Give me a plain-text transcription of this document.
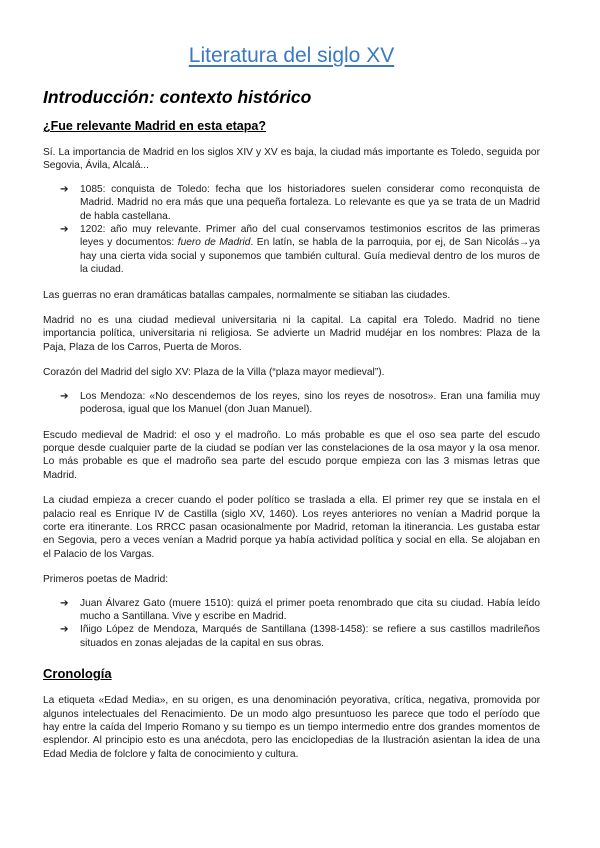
Literatura del siglo XV
Introducción: contexto histórico
¿Fue relevante Madrid en esta etapa?

Sí. La importancia de Madrid en los siglos XIV y XV es baja, la ciudad más importante es Toledo, seguida por Segovia, Ávila, Alcalá...

➔ 1085: conquista de Toledo: fecha que los historiadores suelen considerar como reconquista de Madrid. Madrid no era más que una pequeña fortaleza. Lo relevante es que ya se trata de un Madrid de habla castellana.
➔ 1202: año muy relevante. Primer año del cual conservamos testimonios escritos de las primeras leyes y documentos: fuero de Madrid. En latín, se habla de la parroquia, por ej, de San Nicolás→ya hay una cierta vida social y suponemos que también cultural. Guía medieval dentro de los muros de la ciudad.

Las guerras no eran dramáticas batallas campales, normalmente se sitiaban las ciudades.

Madrid no es una ciudad medieval universitaria ni la capital. La capital era Toledo. Madrid no tiene importancia política, universitaria ni religiosa. Se advierte un Madrid mudéjar en los nombres: Plaza de la Paja, Plaza de los Carros, Puerta de Moros.

Corazón del Madrid del siglo XV: Plaza de la Villa (“plaza mayor medieval”).

➔ Los Mendoza: «No descendemos de los reyes, sino los reyes de nosotros». Eran una familia muy poderosa, igual que los Manuel (don Juan Manuel).

Escudo medieval de Madrid: el oso y el madroño. Lo más probable es que el oso sea parte del escudo porque desde cualquier parte de la ciudad se podían ver las constelaciones de la osa mayor y la osa menor. Lo más probable es que el madroño sea parte del escudo porque empieza con las 3 mismas letras que Madrid.

La ciudad empieza a crecer cuando el poder político se traslada a ella. El primer rey que se instala en el palacio real es Enrique IV de Castilla (siglo XV, 1460). Los reyes anteriores no venían a Madrid porque la corte era itinerante. Los RRCC pasan ocasionalmente por Madrid, retoman la itinerancia. Les gustaba estar en Segovia, pero a veces venían a Madrid porque ya había actividad política y social en ella. Se alojaban en el Palacio de los Vargas.

Primeros poetas de Madrid:

➔ Juan Álvarez Gato (muere 1510): quizá el primer poeta renombrado que cita su ciudad. Había leído mucho a Santillana. Vive y escribe en Madrid.
➔ Iñigo López de Mendoza, Marqués de Santillana (1398-1458): se refiere a sus castillos madrileños situados en zonas alejadas de la capital en sus obras.
Cronología

La etiqueta «Edad Media», en su origen, es una denominación peyorativa, crítica, negativa, promovida por algunos intelectuales del Renacimiento. De un modo algo presuntuoso les parece que todo el período que hay entre la caída del Imperio Romano y su tiempo es un tiempo intermedio entre dos grandes momentos de esplendor. Al principio esto es una anécdota, pero las enciclopedias de la Ilustración asientan la idea de una Edad Media de folclore y falta de conocimiento y cultura.
